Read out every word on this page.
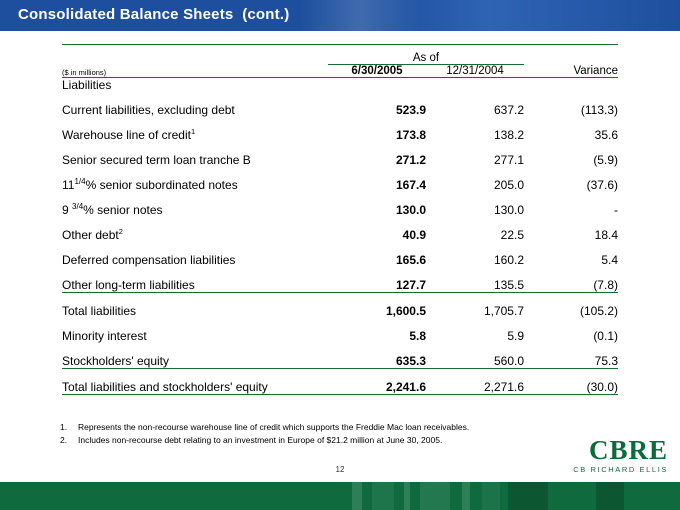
Consolidated Balance Sheets  (cont.)
	As of		
($ in millions)	6/30/2005	12/31/2004	Variance
Liabilities			
Current liabilities, excluding debt	523.9	637.2	(113.3)
Warehouse line of credit$^1$	173.8	138.2	35.6
Senior secured term loan tranche B	271.2	277.1	(5.9)
$11^{1/4}\%$ senior subordinated notes	167.4	205.0	(37.6)
9 $^{3/4}$% senior notes	130.0	130.0	-
Other debt$^2$	40.9	22.5	18.4
Deferred compensation liabilities	165.6	160.2	5.4
Other long-term liabilities	127.7	135.5	(7.8)
Total liabilities	1,600.5	1,705.7	(105.2)
Minority interest	5.8	5.9	(0.1)
Stockholders' equity	635.3	560.0	75.3
Total liabilities and stockholders' equity	2,241.6	2,271.6	(30.0)
1.	Represents the non-recourse warehouse line of credit which supports the Freddie Mac loan receivables.
2.	Includes non-recourse debt relating to an investment in Europe of $21.2 million at June 30, 2005.
12
CBRE
CB RICHARD ELLIS
